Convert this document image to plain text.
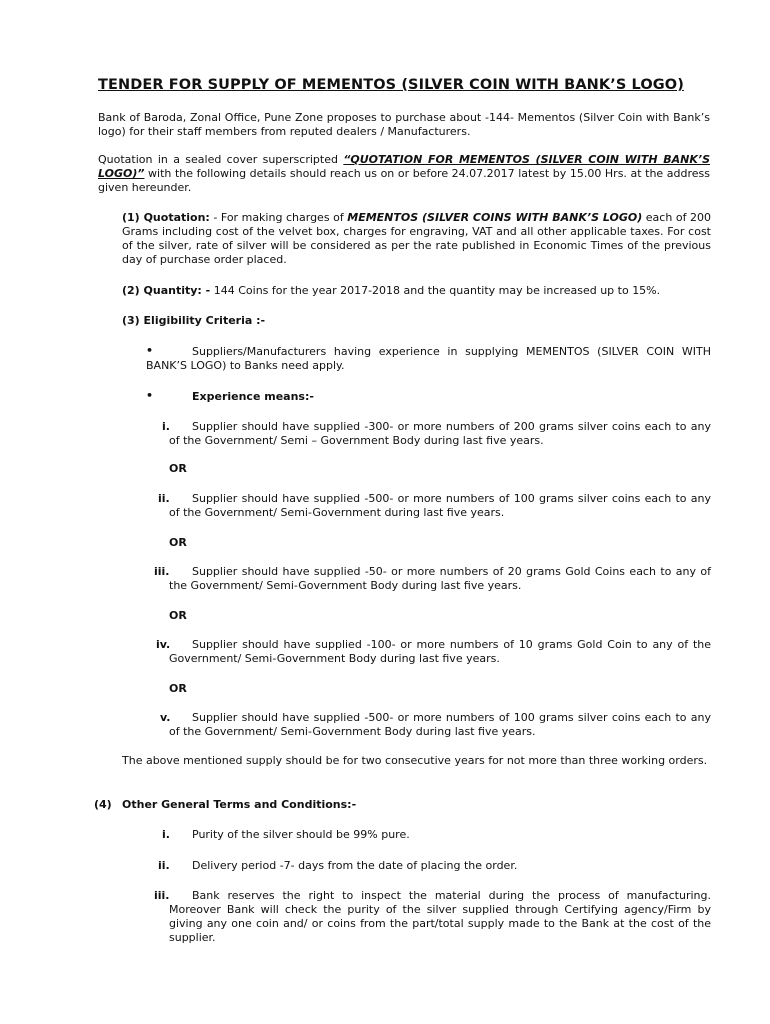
TENDER FOR SUPPLY OF MEMENTOS (SILVER COIN WITH BANK’S LOGO)

Bank of Baroda, Zonal Office, Pune Zone proposes to purchase about -144- Mementos (Silver Coin with Bank’s logo) for their staff members from reputed dealers / Manufacturers.

Quotation in a sealed cover superscripted “QUOTATION FOR MEMENTOS (SILVER COIN WITH BANK’S LOGO)” with the following details should reach us on or before 24.07.2017 latest by 15.00 Hrs. at the address given hereunder.

(1) Quotation: - For making charges of MEMENTOS (SILVER COINS WITH BANK’S LOGO) each of 200 Grams including cost of the velvet box, charges for engraving, VAT and all other applicable taxes. For cost of the silver, rate of silver will be considered as per the rate published in Economic Times of the previous day of purchase order placed.

(2) Quantity: - 144 Coins for the year 2017-2018 and the quantity may be increased up to 15%.

(3) Eligibility Criteria :-

•	Suppliers/Manufacturers having experience in supplying MEMENTOS (SILVER COIN WITH BANK’S LOGO) to Banks need apply.

•	Experience means:-

i.	Supplier should have supplied -300- or more numbers of 200 grams silver coins each to any of the Government/ Semi – Government Body during last five years.

OR
ii.	Supplier should have supplied -500- or more numbers of 100 grams silver coins each to any of the Government/ Semi-Government during last five years.

OR
iii.	Supplier should have supplied -50- or more numbers of 20 grams Gold Coins each to any of the Government/ Semi-Government Body during last five years.

OR
iv.	Supplier should have supplied -100- or more numbers of 10 grams Gold Coin to any of the Government/ Semi-Government Body during last five years.

OR
v.	Supplier should have supplied -500- or more numbers of 100 grams silver coins each to any of the Government/ Semi-Government Body during last five years.

The above mentioned supply should be for two consecutive years for not more than three working orders.

(4) Other General Terms and Conditions:-

i. Purity of the silver should be 99% pure.

ii. Delivery period -7- days from the date of placing the order.

iii.	Bank reserves the right to inspect the material during the process of manufacturing. Moreover Bank will check the purity of the silver supplied through Certifying agency/Firm by giving any one coin and/ or coins from the part/total supply made to the Bank at the cost of the supplier.
